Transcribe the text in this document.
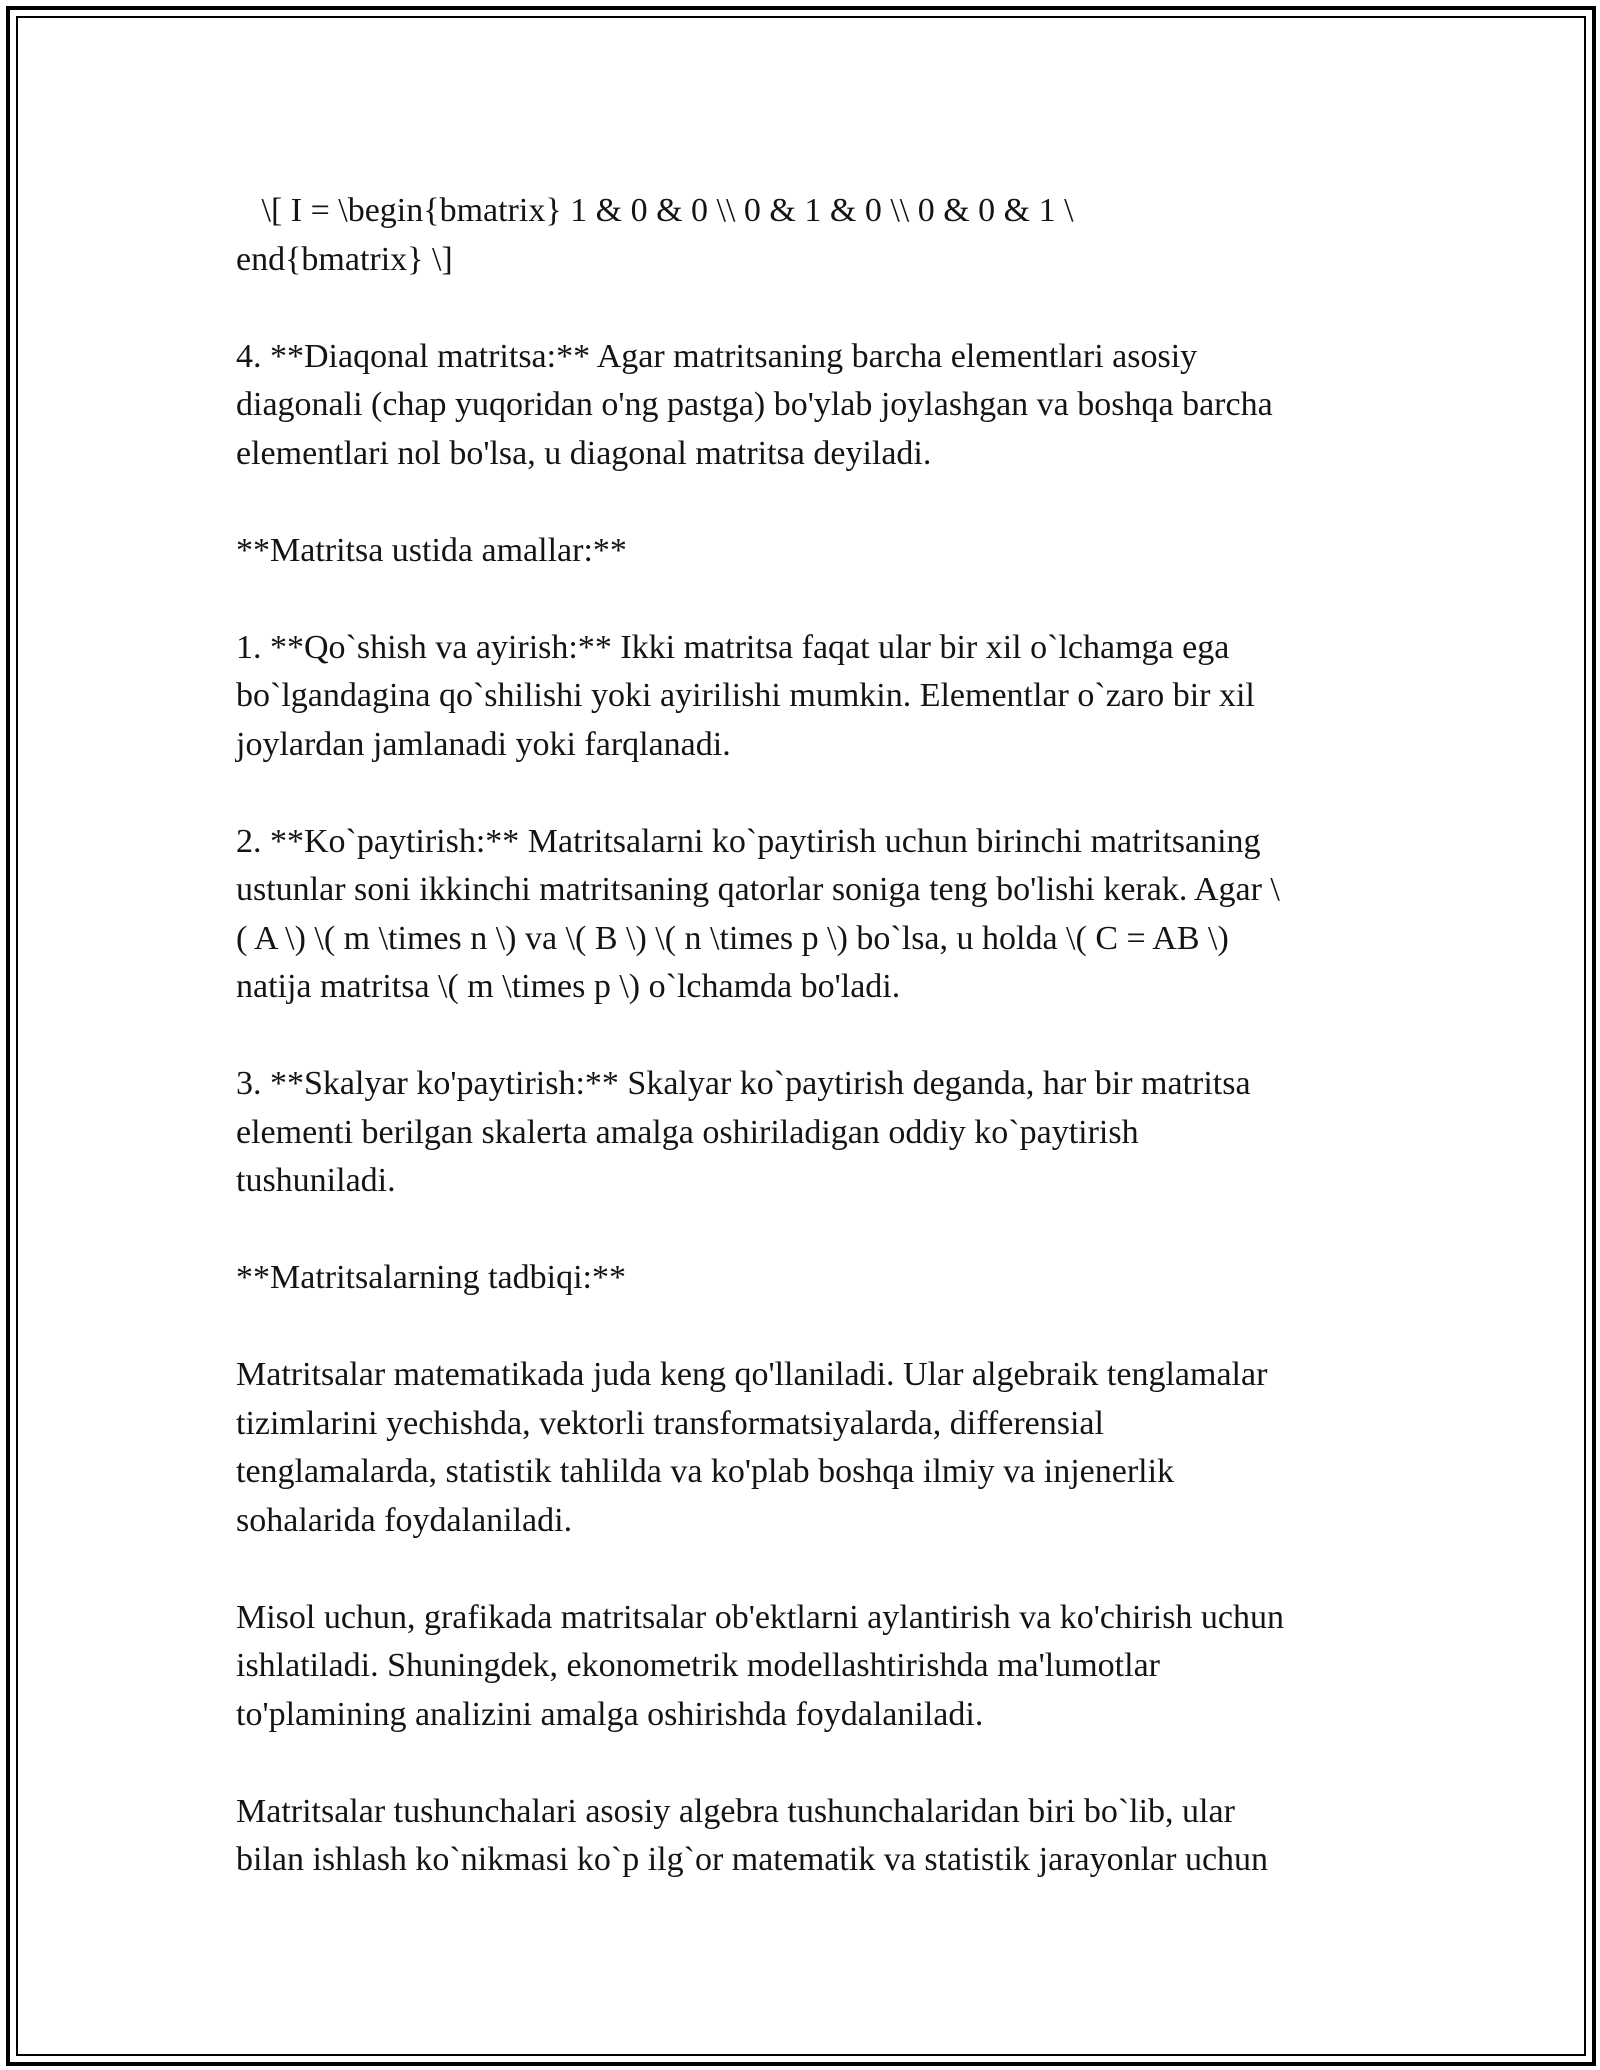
\[ I = \begin{bmatrix} 1 & 0 & 0 \\ 0 & 1 & 0 \\ 0 & 0 & 1 \
end{bmatrix} \]

4. **Diaqonal matritsa:** Agar matritsaning barcha elementlari asosiy
diagonali (chap yuqoridan o'ng pastga) bo'ylab joylashgan va boshqa barcha
elementlari nol bo'lsa, u diagonal matritsa deyiladi.

**Matritsa ustida amallar:**

1. **Qo`shish va ayirish:** Ikki matritsa faqat ular bir xil o`lchamga ega
bo`lgandagina qo`shilishi yoki ayirilishi mumkin. Elementlar o`zaro bir xil
joylardan jamlanadi yoki farqlanadi.

2. **Ko`paytirish:** Matritsalarni ko`paytirish uchun birinchi matritsaning
ustunlar soni ikkinchi matritsaning qatorlar soniga teng bo'lishi kerak. Agar \
( A \) \( m \times n \) va \( B \) \( n \times p \) bo`lsa, u holda \( C = AB \)
natija matritsa \( m \times p \) o`lchamda bo'ladi.

3. **Skalyar ko'paytirish:** Skalyar ko`paytirish deganda, har bir matritsa
elementi berilgan skalerta amalga oshiriladigan oddiy ko`paytirish
tushuniladi.

**Matritsalarning tadbiqi:**

Matritsalar matematikada juda keng qo'llaniladi. Ular algebraik tenglamalar
tizimlarini yechishda, vektorli transformatsiyalarda, differensial
tenglamalarda, statistik tahlilda va ko'plab boshqa ilmiy va injenerlik
sohalarida foydalaniladi.

Misol uchun, grafikada matritsalar ob'ektlarni aylantirish va ko'chirish uchun
ishlatiladi. Shuningdek, ekonometrik modellashtirishda ma'lumotlar
to'plamining analizini amalga oshirishda foydalaniladi.

Matritsalar tushunchalari asosiy algebra tushunchalaridan biri bo`lib, ular
bilan ishlash ko`nikmasi ko`p ilg`or matematik va statistik jarayonlar uchun
